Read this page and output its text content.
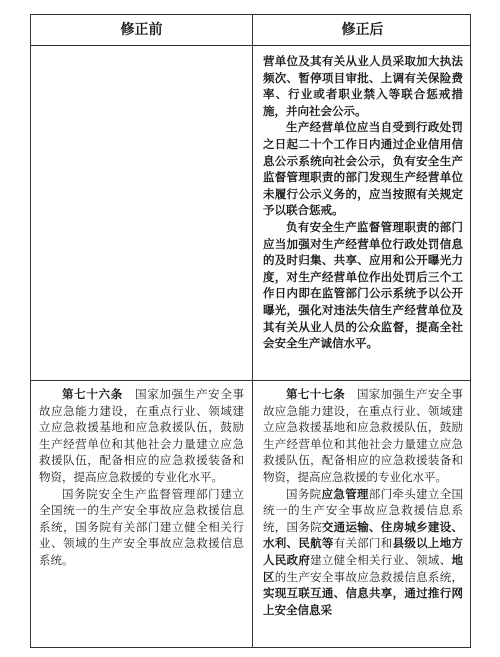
修正前	修正后

营单位及其有关从业人员采取加大执法频次、暂停项目审批、上调有关保险费率、行业或者职业禁入等联合惩戒措施，并向社会公示。

生产经营单位应当自受到行政处罚之日起二十个工作日内通过企业信用信息公示系统向社会公示，负有安全生产监督管理职责的部门发现生产经营单位未履行公示义务的，应当按照有关规定予以联合惩戒。

负有安全生产监督管理职责的部门应当加强对生产经营单位行政处罚信息的及时归集、共享、应用和公开曝光力度，对生产经营单位作出处罚后三个工作日内即在监管部门公示系统予以公开曝光，强化对违法失信生产经营单位及其有关从业人员的公众监督，提高全社会安全生产诚信水平。

第七十六条　 国家加强生产安全事故应急能力建设，在重点行业、领域建立应急救援基地和应急救援队伍，鼓励生产经营单位和其他社会力量建立应急救援队伍，配备相应的应急救援装备和物资，提高应急救援的专业化水平。

国务院安全生产监督管理部门建立全国统一的生产安全事故应急救援信息系统，国务院有关部门建立健全相关行业、领域的生产安全事故应急救援信息系统。

第七十七条　 国家加强生产安全事故应急能力建设，在重点行业、领域建立应急救援基地和应急救援队伍，鼓励生产经营单位和其他社会力量建立应急救援队伍，配备相应的应急救援装备和物资，提高应急救援的专业化水平。

国务院应急管理部门牵头建立全国统一的生产安全事故应急救援信息系统，国务院交通运输、住房城乡建设、水利、民航等有关部门和县级以上地方人民政府建立健全相关行业、领域、地区的生产安全事故应急救援信息系统，实现互联互通、信息共享，通过推行网上安全信息采
